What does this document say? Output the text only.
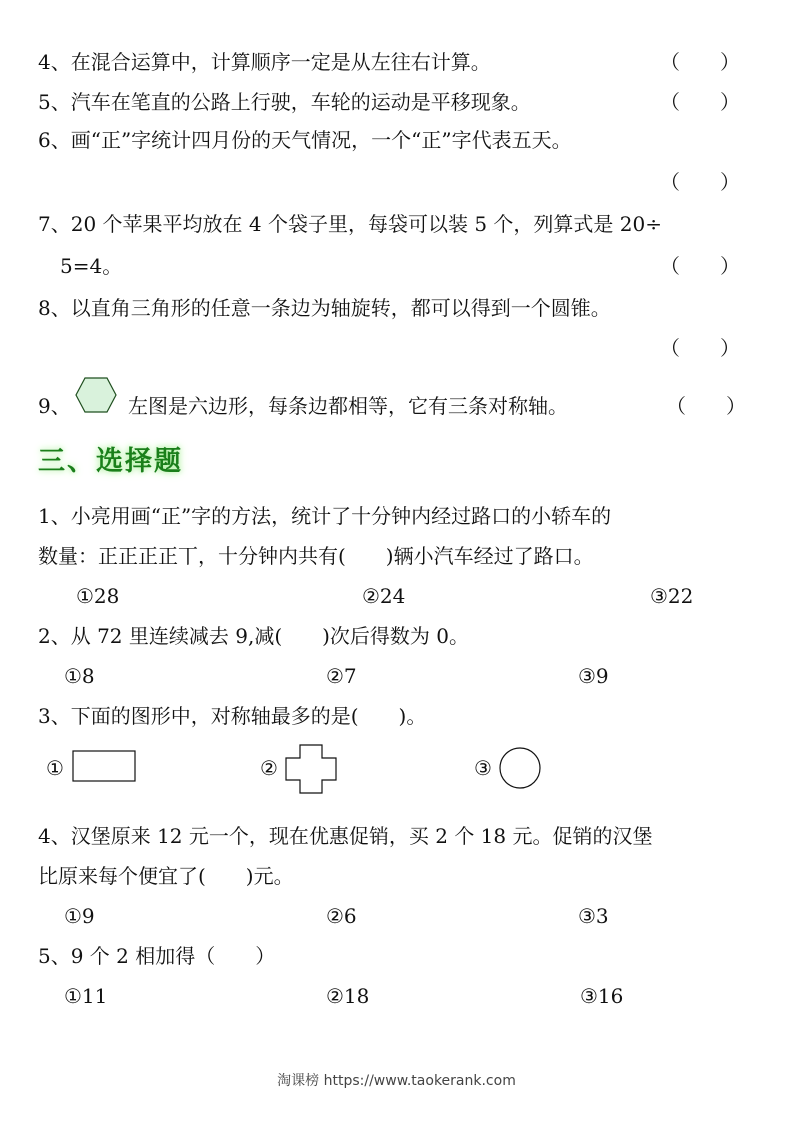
4、在混合运算中，计算顺序一定是从左往右计算。	（　　）
5、汽车在笔直的公路上行驶，车轮的运动是平移现象。	（　　）
6、画“正”字统计四月份的天气情况，一个“正”字代表五天。
（　　）
7、20 个苹果平均放在 4 个袋子里，每袋可以装 5 个，列算式是 20÷
5=4。	（　　）
8、以直角三角形的任意一条边为轴旋转，都可以得到一个圆锥。
（　　）
9、	左图是六边形，每条边都相等，它有三条对称轴。	（　　）
三、选择题
1、小亮用画“正”字的方法，统计了十分钟内经过路口的小轿车的
数量：正正正正丅，十分钟内共有(　　)辆小汽车经过了路口。
①28	②24	③22
2、从 72 里连续减去 9,减(　　)次后得数为 0。
①8	②7	③9
3、下面的图形中，对称轴最多的是(　　)。
①	②	③
4、汉堡原来 12 元一个，现在优惠促销，买 2 个 18 元。促销的汉堡
比原来每个便宜了(　　)元。
①9	②6	③3
5、9 个 2 相加得（　　）
①11	②18	③16
淘课榜 https://www.taokerank.com
